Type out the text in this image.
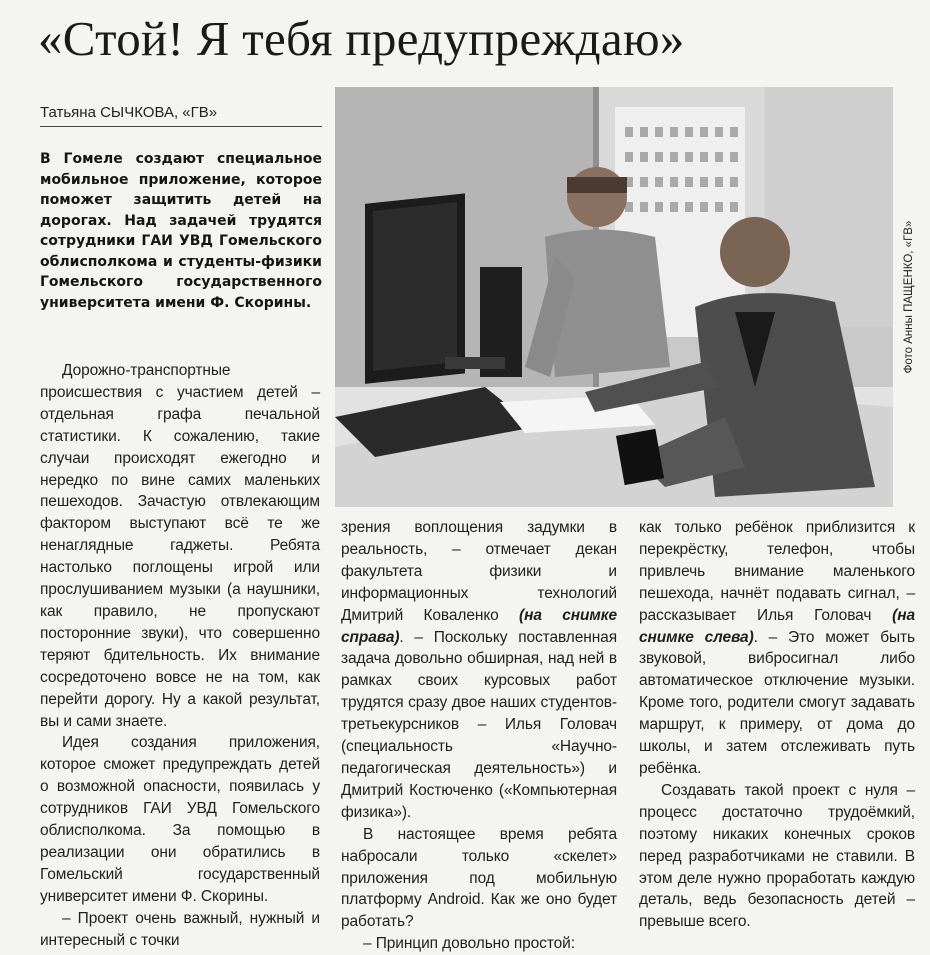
«Стой! Я тебя предупреждаю»
Татьяна СЫЧКОВА, «ГВ»
В Гомеле создают специальное мобильное приложение, которое поможет защитить детей на дорогах. Над задачей трудятся сотрудники ГАИ УВД Гомельского облисполкома и студенты-физики Гомельского государственного университета имени Ф. Скорины.	Фото Анны ПАЩЕНКО, «ГВ»

Дорожно-транспортные происшествия с участием детей – отдельная графа печальной статистики. К сожалению, такие случаи происходят ежегодно и нередко по вине самих маленьких пешеходов. Зачастую отвлекающим фактором выступают всё те же ненаглядные гаджеты. Ребята настолько поглощены игрой или прослушиванием музыки (а наушники, как правило, не пропускают посторонние звуки), что совершенно теряют бдительность. Их внимание сосредоточено вовсе не на том, как перейти дорогу. Ну а какой результат, вы и сами знаете.

Идея создания приложения, которое сможет предупреждать детей о возможной опасности, появилась у сотрудников ГАИ УВД Гомельского облисполкома. За помощью в реализации они обратились в Гомельский государственный университет имени Ф. Скорины.

– Проект очень важный, нужный и интересный с точки

зрения воплощения задумки в реальность, – отмечает декан факультета физики и информационных технологий Дмитрий Коваленко (на снимке справа). – Поскольку поставленная задача довольно обширная, над ней в рамках своих курсовых работ трудятся сразу двое наших студентов-третьекурсников – Илья Головач (специальность «Научно-педагогическая деятельность») и Дмитрий Костюченко («Компьютерная физика»).

В настоящее время ребята набросали только «скелет» приложения под мобильную платформу Android. Как же оно будет работать?

– Принцип довольно простой:

как только ребёнок приблизится к перекрёстку, телефон, чтобы привлечь внимание маленького пешехода, начнёт подавать сигнал, – рассказывает Илья Головач (на снимке слева). – Это может быть звуковой, вибросигнал либо автоматическое отключение музыки. Кроме того, родители смогут задавать маршрут, к примеру, от дома до школы, и затем отслеживать путь ребёнка.

Создавать такой проект с нуля – процесс достаточно трудоёмкий, поэтому никаких конечных сроков перед разработчиками не ставили. В этом деле нужно проработать каждую деталь, ведь безопасность детей – превыше всего.
